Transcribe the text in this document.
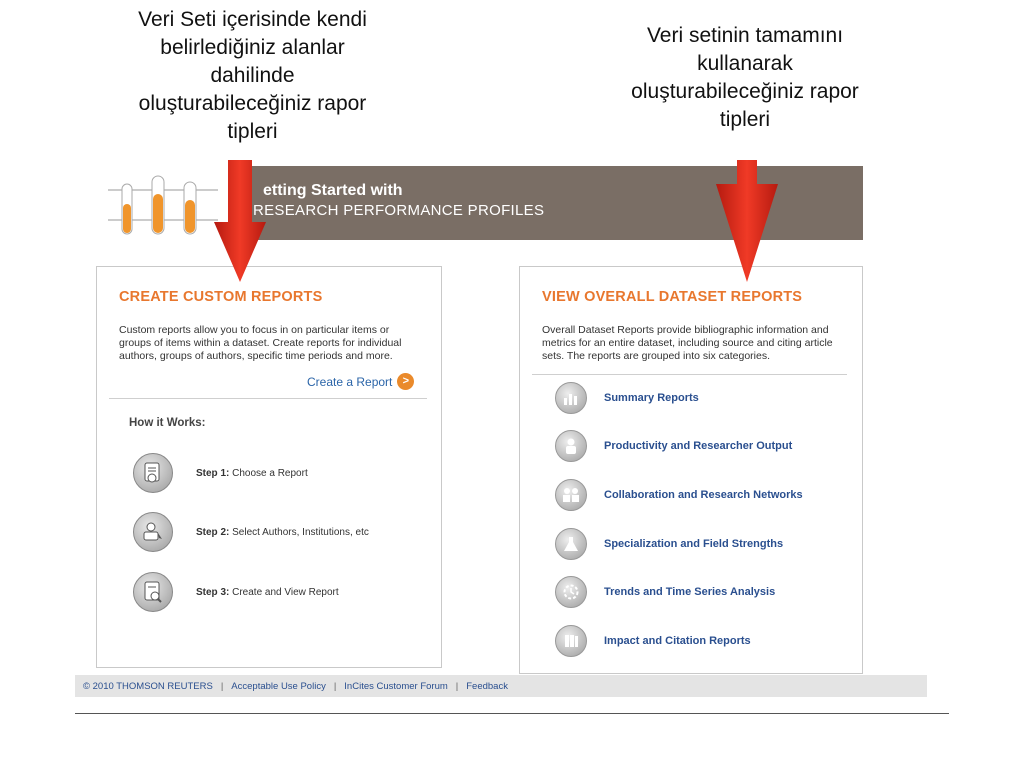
Veri Seti içerisinde kendi belirlediğiniz alanlar dahilinde oluşturabileceğiniz rapor tipleri
Veri setinin tamamını kullanarak oluşturabileceğiniz rapor tipleri
etting Started with
RESEARCH PERFORMANCE PROFILES
CREATE CUSTOM REPORTS
Custom reports allow you to focus in on particular items or groups of items within a dataset. Create reports for individual authors, groups of authors, specific time periods and more.
Create a Report >
How it Works:
Step 1: Choose a Report
Step 2: Select Authors, Institutions, etc
Step 3: Create and View Report
VIEW OVERALL DATASET REPORTS
Overall Dataset Reports provide bibliographic information and metrics for an entire dataset, including source and citing article sets. The reports are grouped into six categories.
Summary Reports
Productivity and Researcher Output
Collaboration and Research Networks
Specialization and Field Strengths
Trends and Time Series Analysis
Impact and Citation Reports
© 2010 THOMSON REUTERS | Acceptable Use Policy | InCites Customer Forum | Feedback
